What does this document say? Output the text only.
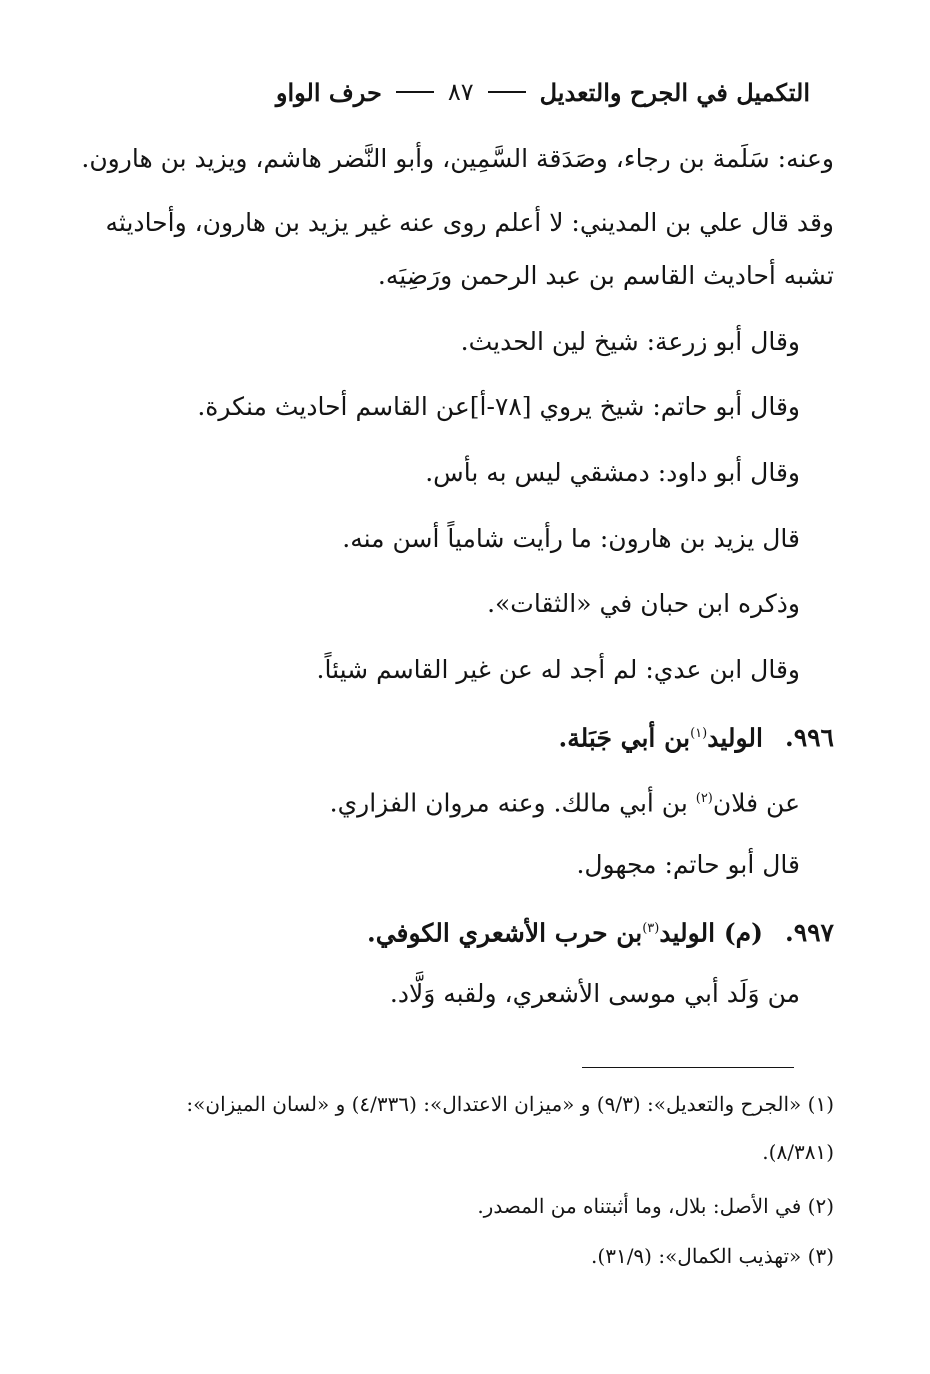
التكميل في الجرح والتعديل
٨٧
حرف الواو
وعنه: سَلَمة بن رجاء، وصَدَقة السَّمِين، وأبو النَّضر هاشم، ويزيد بن هارون.
وقد قال علي بن المديني: لا أعلم روى عنه غير يزيد بن هارون، وأحاديثه
تشبه أحاديث القاسم بن عبد الرحمن ورَضِيَه.
وقال أبو زرعة: شيخ لين الحديث.
وقال أبو حاتم: شيخ يروي [٧٨-أ]عن القاسم أحاديث منكرة.
وقال أبو داود: دمشقي ليس به بأس.
قال يزيد بن هارون: ما رأيت شامياً أسن منه.
وذكره ابن حبان في «الثقات».
وقال ابن عدي: لم أجد له عن غير القاسم شيئاً.
٩٩٦.الوليد$^{(١)}$بن أبي جَبَلة.
عن فلان$^{(٢)}$ بن أبي مالك. وعنه مروان الفزاري.
قال أبو حاتم: مجهول.
٩٩٧.(م) الوليد$^{(٣)}$بن حرب الأشعري الكوفي.
من وَلَد أبي موسى الأشعري، ولقبه وَلَّاد.
(١) «الجرح والتعديل»: (٩/٣) و «ميزان الاعتدال»: (٤/٣٣٦) و «لسان الميزان»:
(٨/٣٨١).
(٢) في الأصل: بلال، وما أثبتناه من المصدر.
(٣) «تهذيب الكمال»: (٣١/٩).
